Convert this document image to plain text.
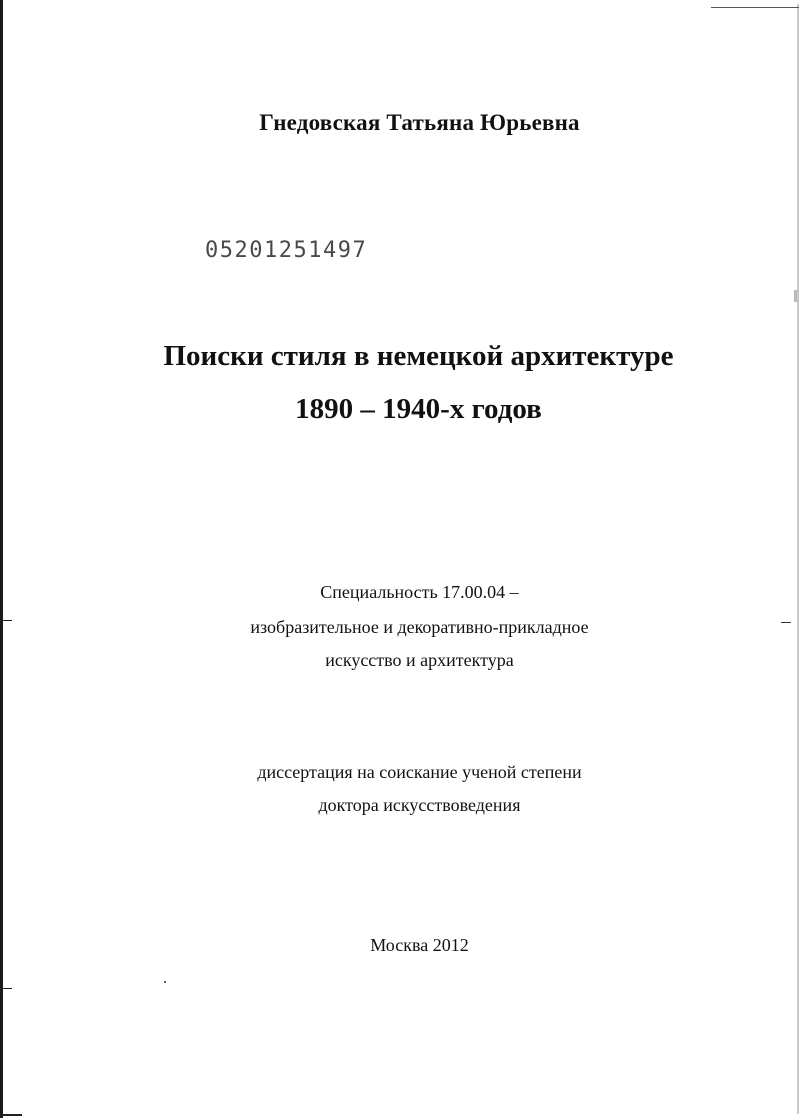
Гнедовская Татьяна Юрьевна
05201251497
Поиски стиля в немецкой архитектуре
1890 – 1940-х годов
Специальность 17.00.04 –
изобразительное и декоративно-прикладное
искусство и архитектура
диссертация на соискание ученой степени
доктора искусствоведения
Москва 2012
